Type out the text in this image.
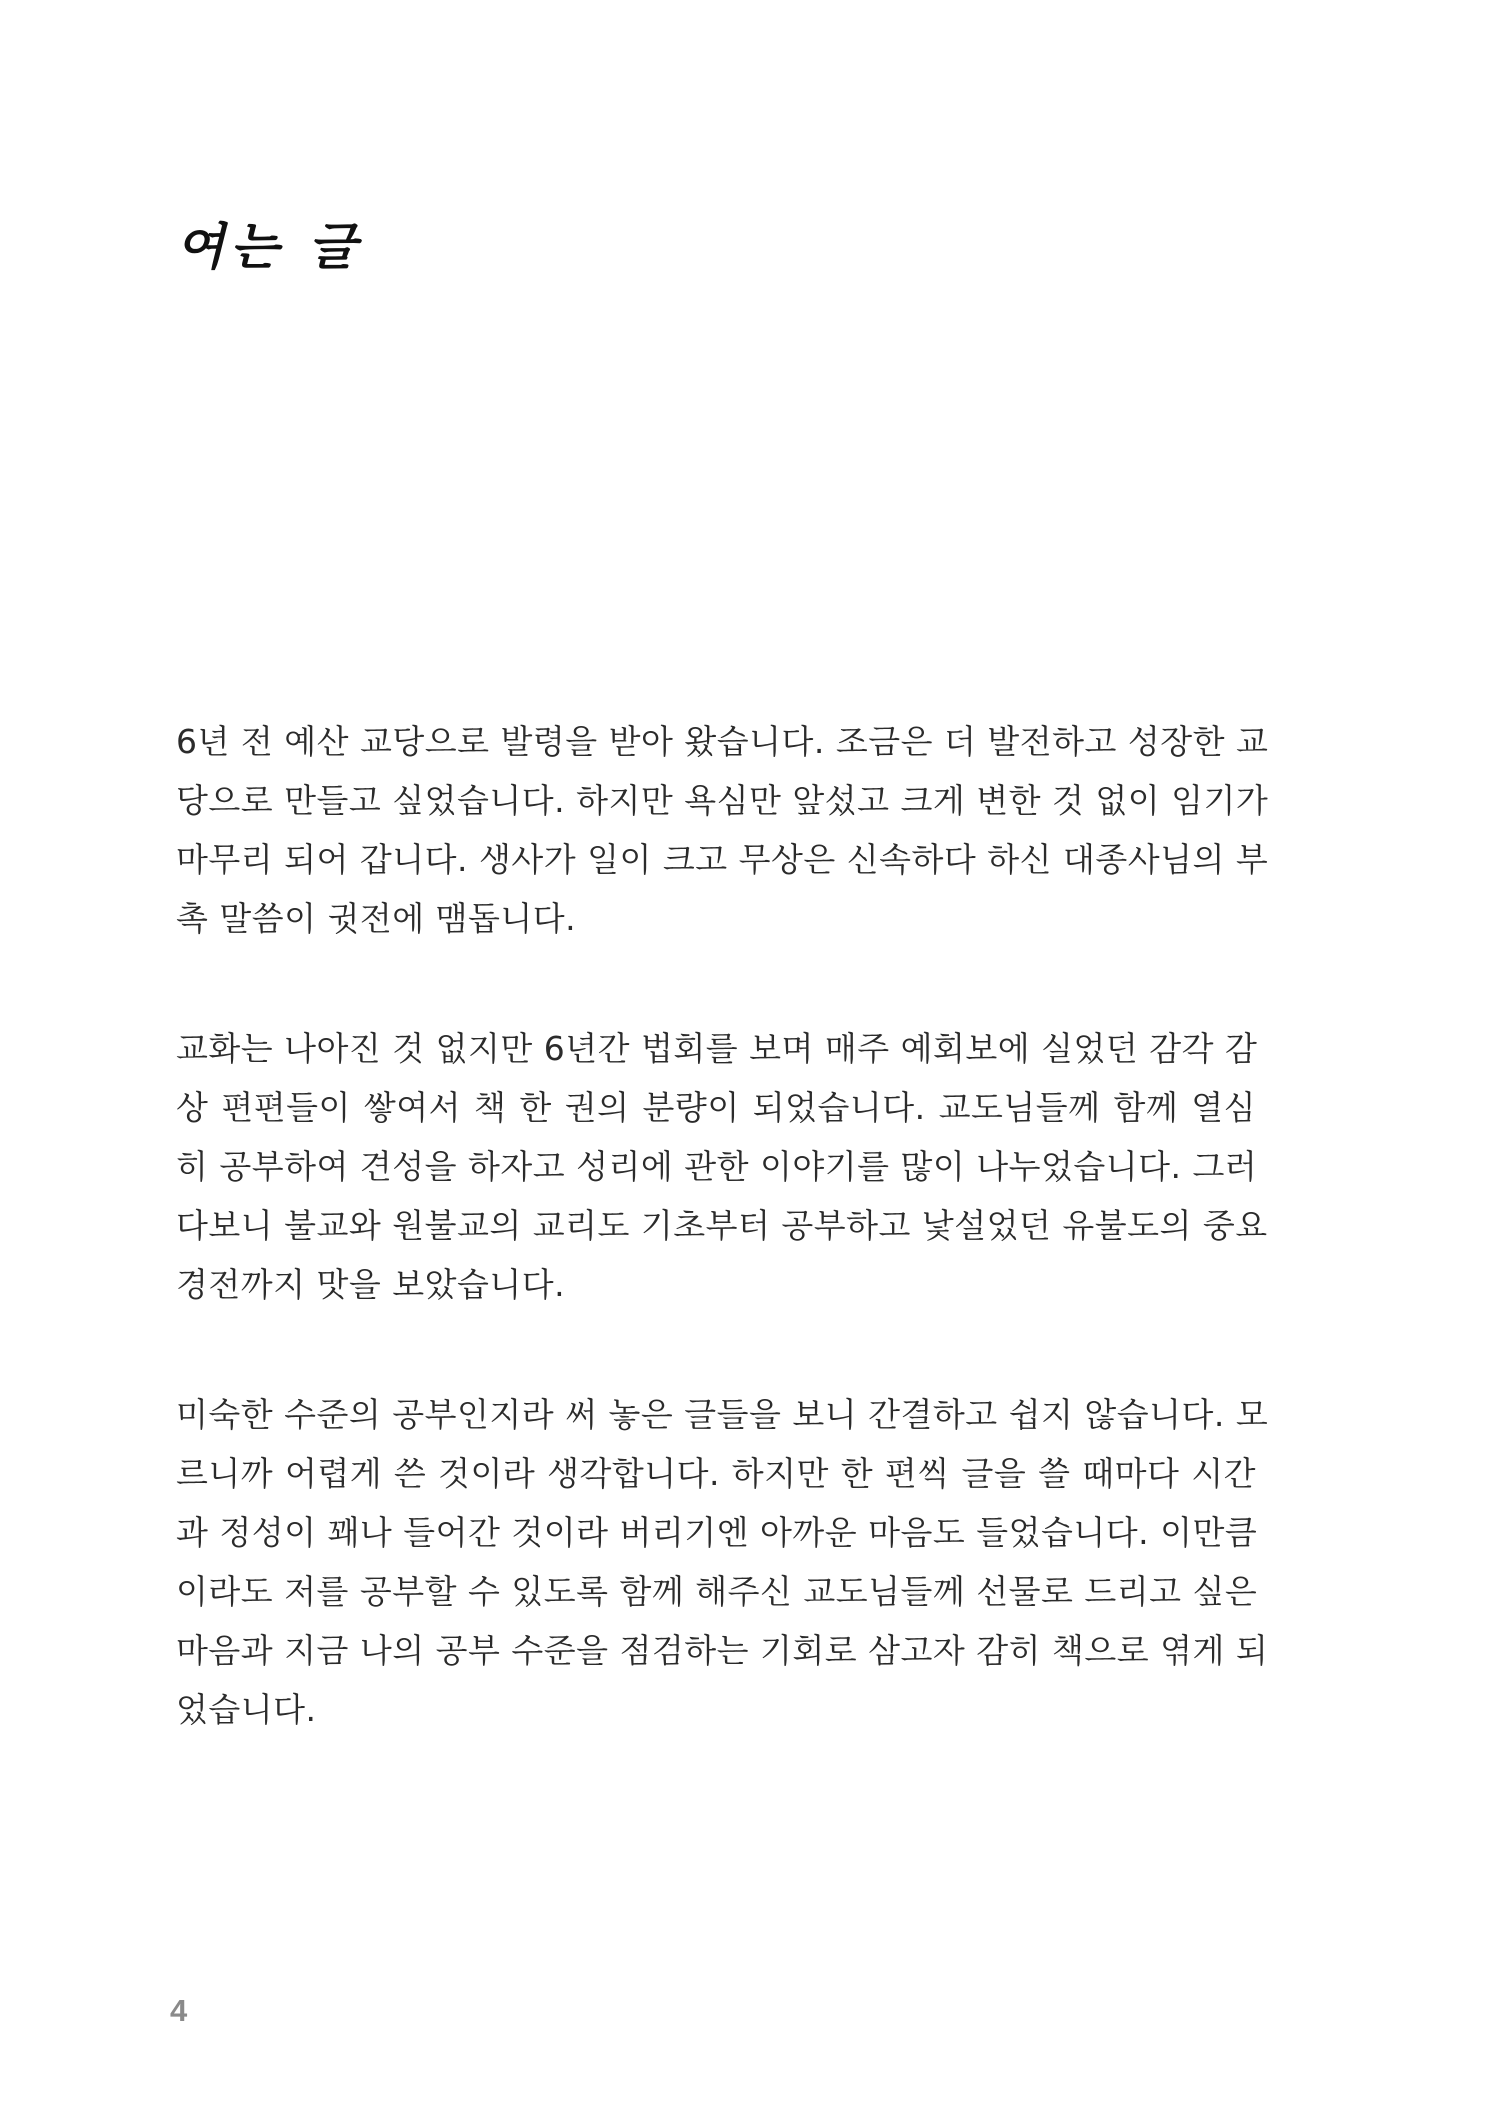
여는 글
6년 전 예산 교당으로 발령을 받아 왔습니다. 조금은 더 발전하고 성장한 교
당으로 만들고 싶었습니다. 하지만 욕심만 앞섰고 크게 변한 것 없이 임기가
마무리 되어 갑니다. 생사가 일이 크고 무상은 신속하다 하신 대종사님의 부
촉 말씀이 귓전에 맴돕니다.
교화는 나아진 것 없지만 6년간 법회를 보며 매주 예회보에 실었던 감각 감
상 편편들이 쌓여서 책 한 권의 분량이 되었습니다. 교도님들께 함께 열심
히 공부하여 견성을 하자고 성리에 관한 이야기를 많이 나누었습니다. 그러
다보니 불교와 원불교의 교리도 기초부터 공부하고 낯설었던 유불도의 중요
경전까지 맛을 보았습니다.
미숙한 수준의 공부인지라 써 놓은 글들을 보니 간결하고 쉽지 않습니다. 모
르니까 어렵게 쓴 것이라 생각합니다. 하지만 한 편씩 글을 쓸 때마다 시간
과 정성이 꽤나 들어간 것이라 버리기엔 아까운 마음도 들었습니다. 이만큼
이라도 저를 공부할 수 있도록 함께 해주신 교도님들께 선물로 드리고 싶은
마음과 지금 나의 공부 수준을 점검하는 기회로 삼고자 감히 책으로 엮게 되
었습니다.
4
